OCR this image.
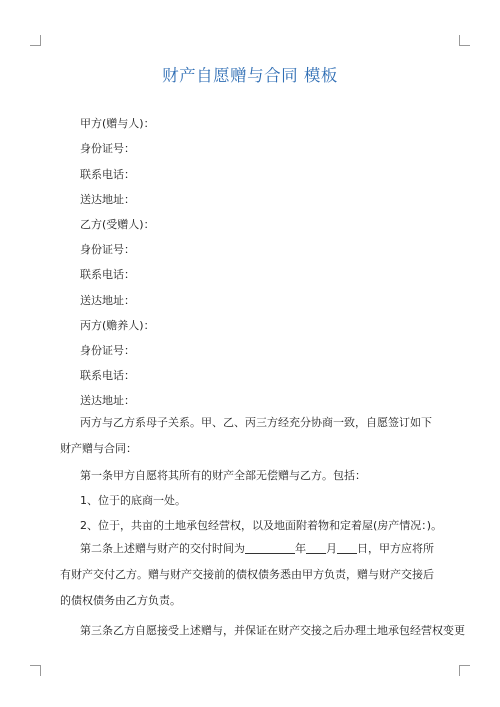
财产自愿赠与合同 模板
甲方(赠与人)：
身份证号：
联系电话：
送达地址：
乙方(受赠人)：
身份证号：
联系电话：
送达地址：
丙方(赡养人)：
身份证号：
联系电话：
送达地址：
丙方与乙方系母子关系。甲、乙、丙三方经充分协商一致，自愿签订如下财产赠与合同：
第一条甲方自愿将其所有的财产全部无偿赠与乙方。包括：
1、位于的底商一处。
2、位于，共亩的土地承包经营权，以及地面附着物和定着屋(房产情况：)。
第二条上述赠与财产的交付时间为	年 月 日，甲方应将所有财产交付乙方。赠与财产交接前的债权债务悉由甲方负责，赠与财产交接后的债权债务由乙方负责。
第三条乙方自愿接受上述赠与，并保证在财产交接之后办理土地承包经营权变更
